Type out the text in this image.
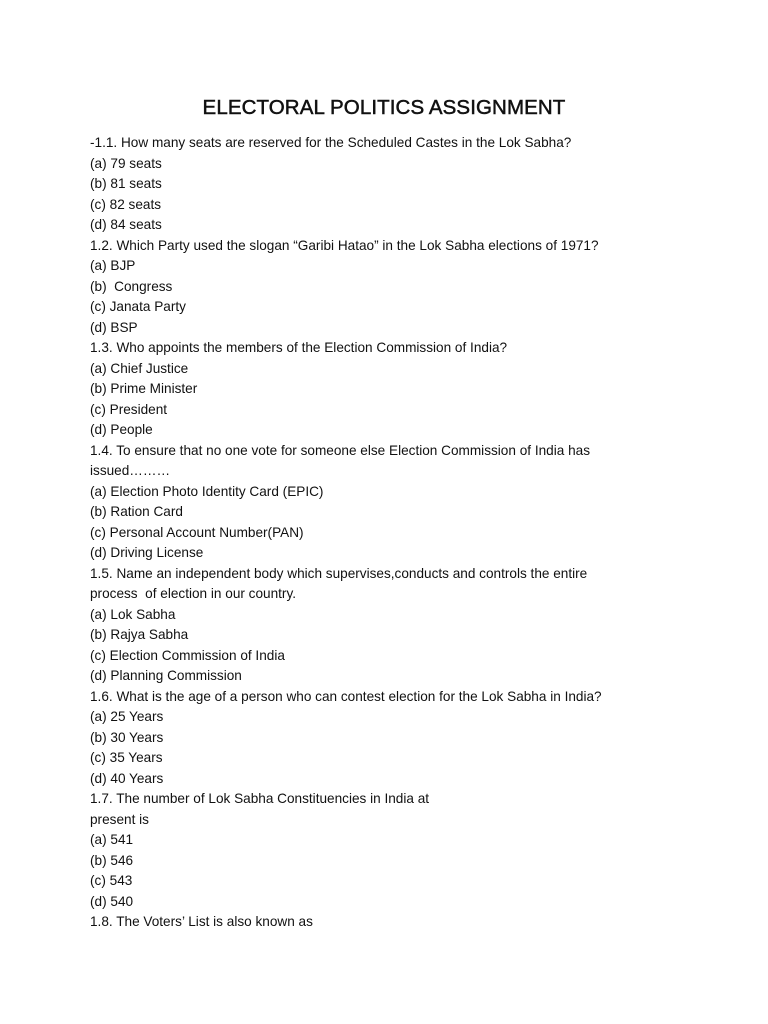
ELECTORAL POLITICS ASSIGNMENT
-1.1. How many seats are reserved for the Scheduled Castes in the Lok Sabha?
(a) 79 seats
(b) 81 seats
(c) 82 seats
(d) 84 seats
1.2. Which Party used the slogan “Garibi Hatao” in the Lok Sabha elections of 1971?
(a) BJP
(b)  Congress
(c) Janata Party
(d) BSP
1.3. Who appoints the members of the Election Commission of India?
(a) Chief Justice
(b) Prime Minister
(c) President
(d) People
1.4. To ensure that no one vote for someone else Election Commission of India has
issued………
(a) Election Photo Identity Card (EPIC)
(b) Ration Card
(c) Personal Account Number(PAN)
(d) Driving License
1.5. Name an independent body which supervises,conducts and controls the entire
process  of election in our country.
(a) Lok Sabha
(b) Rajya Sabha
(c) Election Commission of India
(d) Planning Commission
1.6. What is the age of a person who can contest election for the Lok Sabha in India?
(a) 25 Years
(b) 30 Years
(c) 35 Years
(d) 40 Years
1.7. The number of Lok Sabha Constituencies in India at
present is
(a) 541
(b) 546
(c) 543
(d) 540
1.8. The Voters’ List is also known as
